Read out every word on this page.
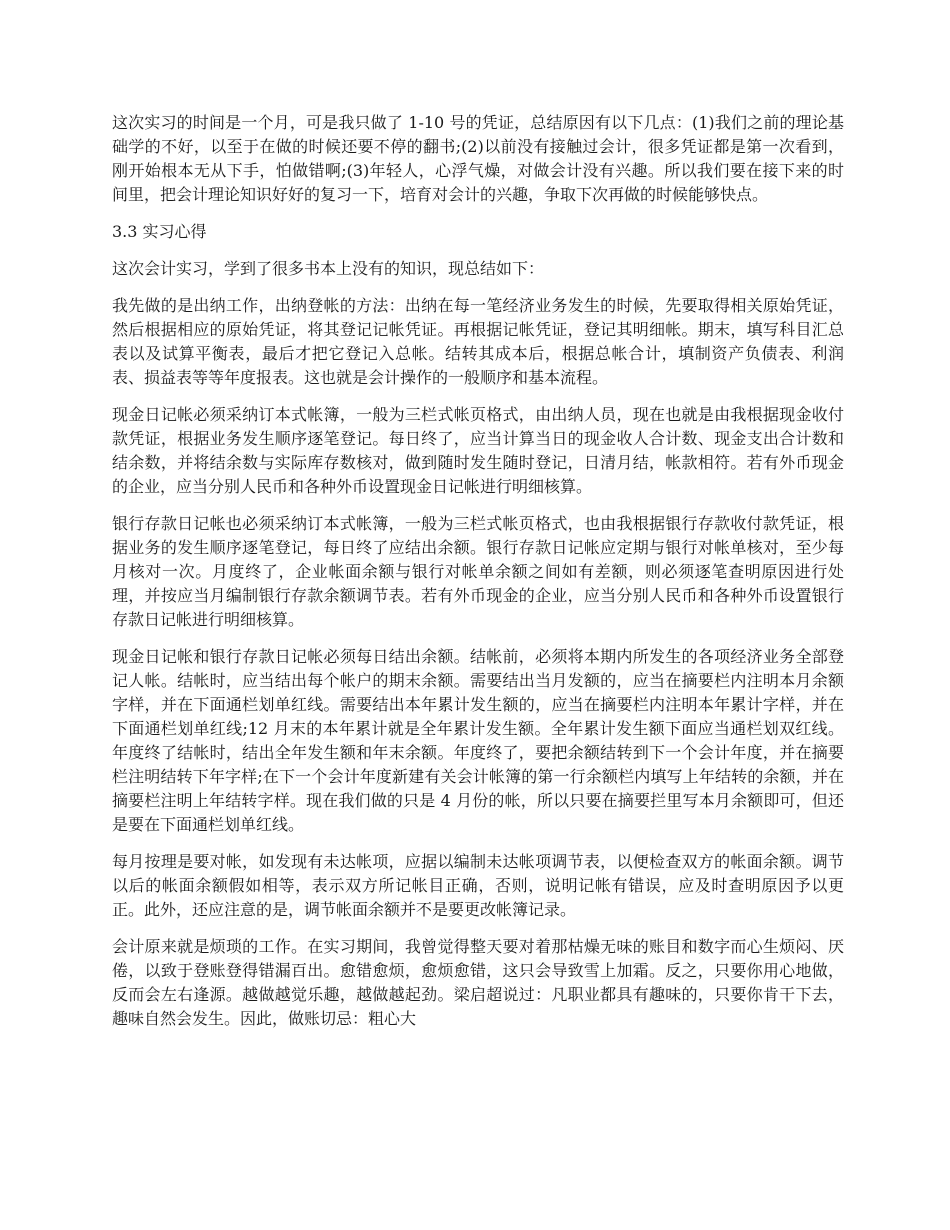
这次实习的时间是一个月，可是我只做了 1-10 号的凭证，总结原因有以下几点：(1)我们之前的理论基础学的不好，以至于在做的时候还要不停的翻书;(2)以前没有接触过会计，很多凭证都是第一次看到，刚开始根本无从下手，怕做错啊;(3)年轻人，心浮气燥，对做会计没有兴趣。所以我们要在接下来的时间里，把会计理论知识好好的复习一下，培育对会计的兴趣，争取下次再做的时候能够快点。

3.3 实习心得

这次会计实习，学到了很多书本上没有的知识，现总结如下：

我先做的是出纳工作，出纳登帐的方法：出纳在每一笔经济业务发生的时候，先要取得相关原始凭证，然后根据相应的原始凭证，将其登记记帐凭证。再根据记帐凭证，登记其明细帐。期末，填写科目汇总表以及试算平衡表，最后才把它登记入总帐。结转其成本后，根据总帐合计，填制资产负债表、利润表、损益表等等年度报表。这也就是会计操作的一般顺序和基本流程。

现金日记帐必须采纳订本式帐簿，一般为三栏式帐页格式，由出纳人员，现在也就是由我根据现金收付款凭证，根据业务发生顺序逐笔登记。每日终了，应当计算当日的现金收人合计数、现金支出合计数和结余数，并将结余数与实际库存数核对，做到随时发生随时登记，日清月结，帐款相符。若有外币现金的企业，应当分别人民币和各种外币设置现金日记帐进行明细核算。

银行存款日记帐也必须采纳订本式帐簿，一般为三栏式帐页格式，也由我根据银行存款收付款凭证，根据业务的发生顺序逐笔登记，每日终了应结出余额。银行存款日记帐应定期与银行对帐单核对，至少每月核对一次。月度终了，企业帐面余额与银行对帐单余额之间如有差额，则必须逐笔查明原因进行处理，并按应当月编制银行存款余额调节表。若有外币现金的企业，应当分别人民币和各种外币设置银行存款日记帐进行明细核算。

现金日记帐和银行存款日记帐必须每日结出余额。结帐前，必须将本期内所发生的各项经济业务全部登记人帐。结帐时，应当结出每个帐户的期末余额。需要结出当月发额的，应当在摘要栏内注明本月余额字样，并在下面通栏划单红线。需要结出本年累计发生额的，应当在摘要栏内注明本年累计字样，并在下面通栏划单红线;12 月末的本年累计就是全年累计发生额。全年累计发生额下面应当通栏划双红线。年度终了结帐时，结出全年发生额和年末余额。年度终了，要把余额结转到下一个会计年度，并在摘要栏注明结转下年字样;在下一个会计年度新建有关会计帐簿的第一行余额栏内填写上年结转的余额，并在摘要栏注明上年结转字样。现在我们做的只是 4 月份的帐，所以只要在摘要拦里写本月余额即可，但还是要在下面通栏划单红线。

每月按理是要对帐，如发现有未达帐项，应据以编制未达帐项调节表，以便检查双方的帐面余额。调节以后的帐面余额假如相等，表示双方所记帐目正确，否则，说明记帐有错误，应及时查明原因予以更正。此外，还应注意的是，调节帐面余额并不是要更改帐簿记录。

会计原来就是烦琐的工作。在实习期间，我曾觉得整天要对着那枯燥无味的账目和数字而心生烦闷、厌倦，以致于登账登得错漏百出。愈错愈烦，愈烦愈错，这只会导致雪上加霜。反之，只要你用心地做，反而会左右逢源。越做越觉乐趣，越做越起劲。梁启超说过：凡职业都具有趣味的，只要你肯干下去，趣味自然会发生。因此，做账切忌：粗心大
